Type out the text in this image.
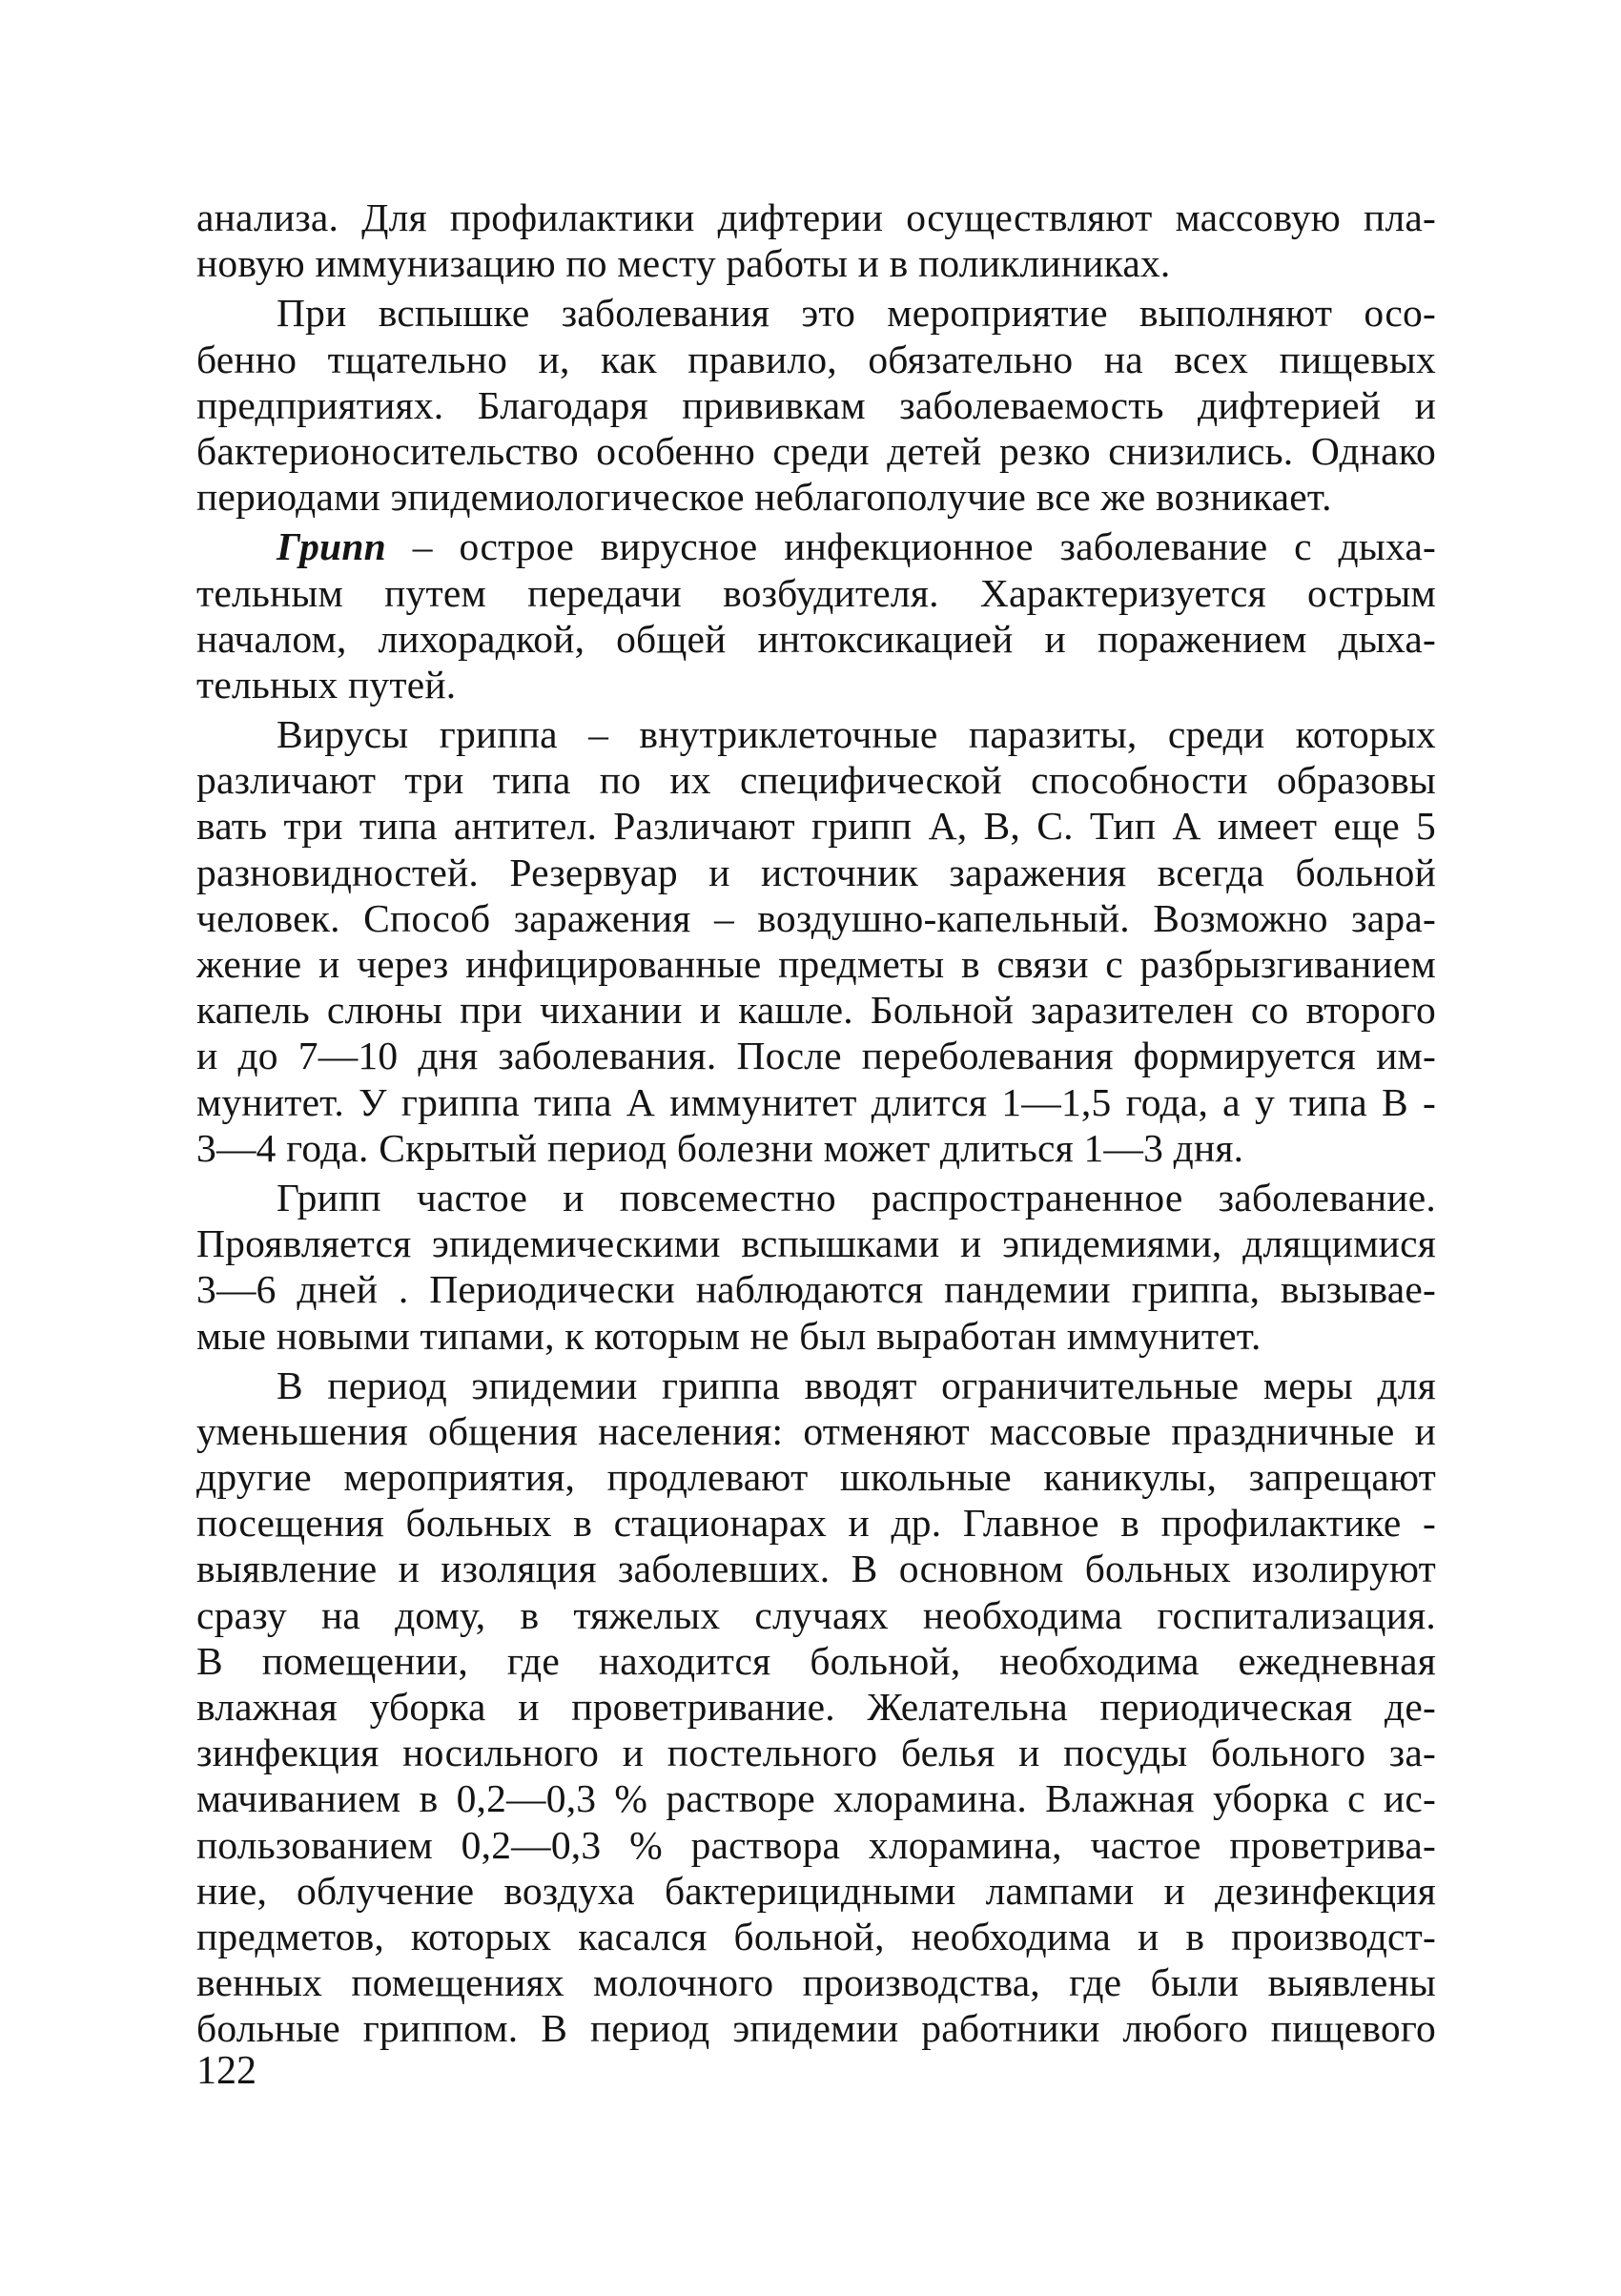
анализа. Для профилактики дифтерии осуществляют массовую пла-
новую иммунизацию по месту работы и в поликлиниках.
При вспышке заболевания это мероприятие выполняют осо-
бенно тщательно и, как правило, обязательно на всех пищевых
предприятиях. Благодаря прививкам заболеваемость дифтерией и
бактерионосительство особенно среди детей резко снизились. Однако
периодами эпидемиологическое неблагополучие все же возникает.
Грипп – острое вирусное инфекционное заболевание с дыха-
тельным путем передачи возбудителя. Характеризуется острым
началом, лихорадкой, общей интоксикацией и поражением дыха-
тельных путей.
Вирусы гриппа – внутриклеточные паразиты, среди которых
различают три типа по их специфической способности образовы
вать три типа антител. Различают грипп А, В, С. Тип А имеет еще 5
разновидностей. Резервуар и источник заражения всегда больной
человек. Способ заражения – воздушно-капельный. Возможно зара-
жение и через инфицированные предметы в связи с разбрызгиванием
капель слюны при чихании и кашле. Больной заразителен со второго
и до 7—10 дня заболевания. После переболевания формируется им-
мунитет. У гриппа типа А иммунитет длится 1—1,5 года, а у типа В -
3—4 года. Скрытый период болезни может длиться 1—3 дня.
Грипп частое и повсеместно распространенное заболевание.
Проявляется эпидемическими вспышками и эпидемиями, длящимися
3—6 дней . Периодически наблюдаются пандемии гриппа, вызывае-
мые новыми типами, к которым не был выработан иммунитет.
В период эпидемии гриппа вводят ограничительные меры для
уменьшения общения населения: отменяют массовые праздничные и
другие мероприятия, продлевают школьные каникулы, запрещают
посещения больных в стационарах и др. Главное в профилактике -
выявление и изоляция заболевших. В основном больных изолируют
сразу на дому, в тяжелых случаях необходима госпитализация.
В помещении, где находится больной, необходима ежедневная
влажная уборка и проветривание. Желательна периодическая де-
зинфекция носильного и постельного белья и посуды больного за-
мачиванием в 0,2—0,3 % растворе хлорамина. Влажная уборка с ис-
пользованием 0,2—0,3 % раствора хлорамина, частое проветрива-
ние, облучение воздуха бактерицидными лампами и дезинфекция
предметов, которых касался больной, необходима и в производст-
венных помещениях молочного производства, где были выявлены
больные гриппом. В период эпидемии работники любого пищевого
122
